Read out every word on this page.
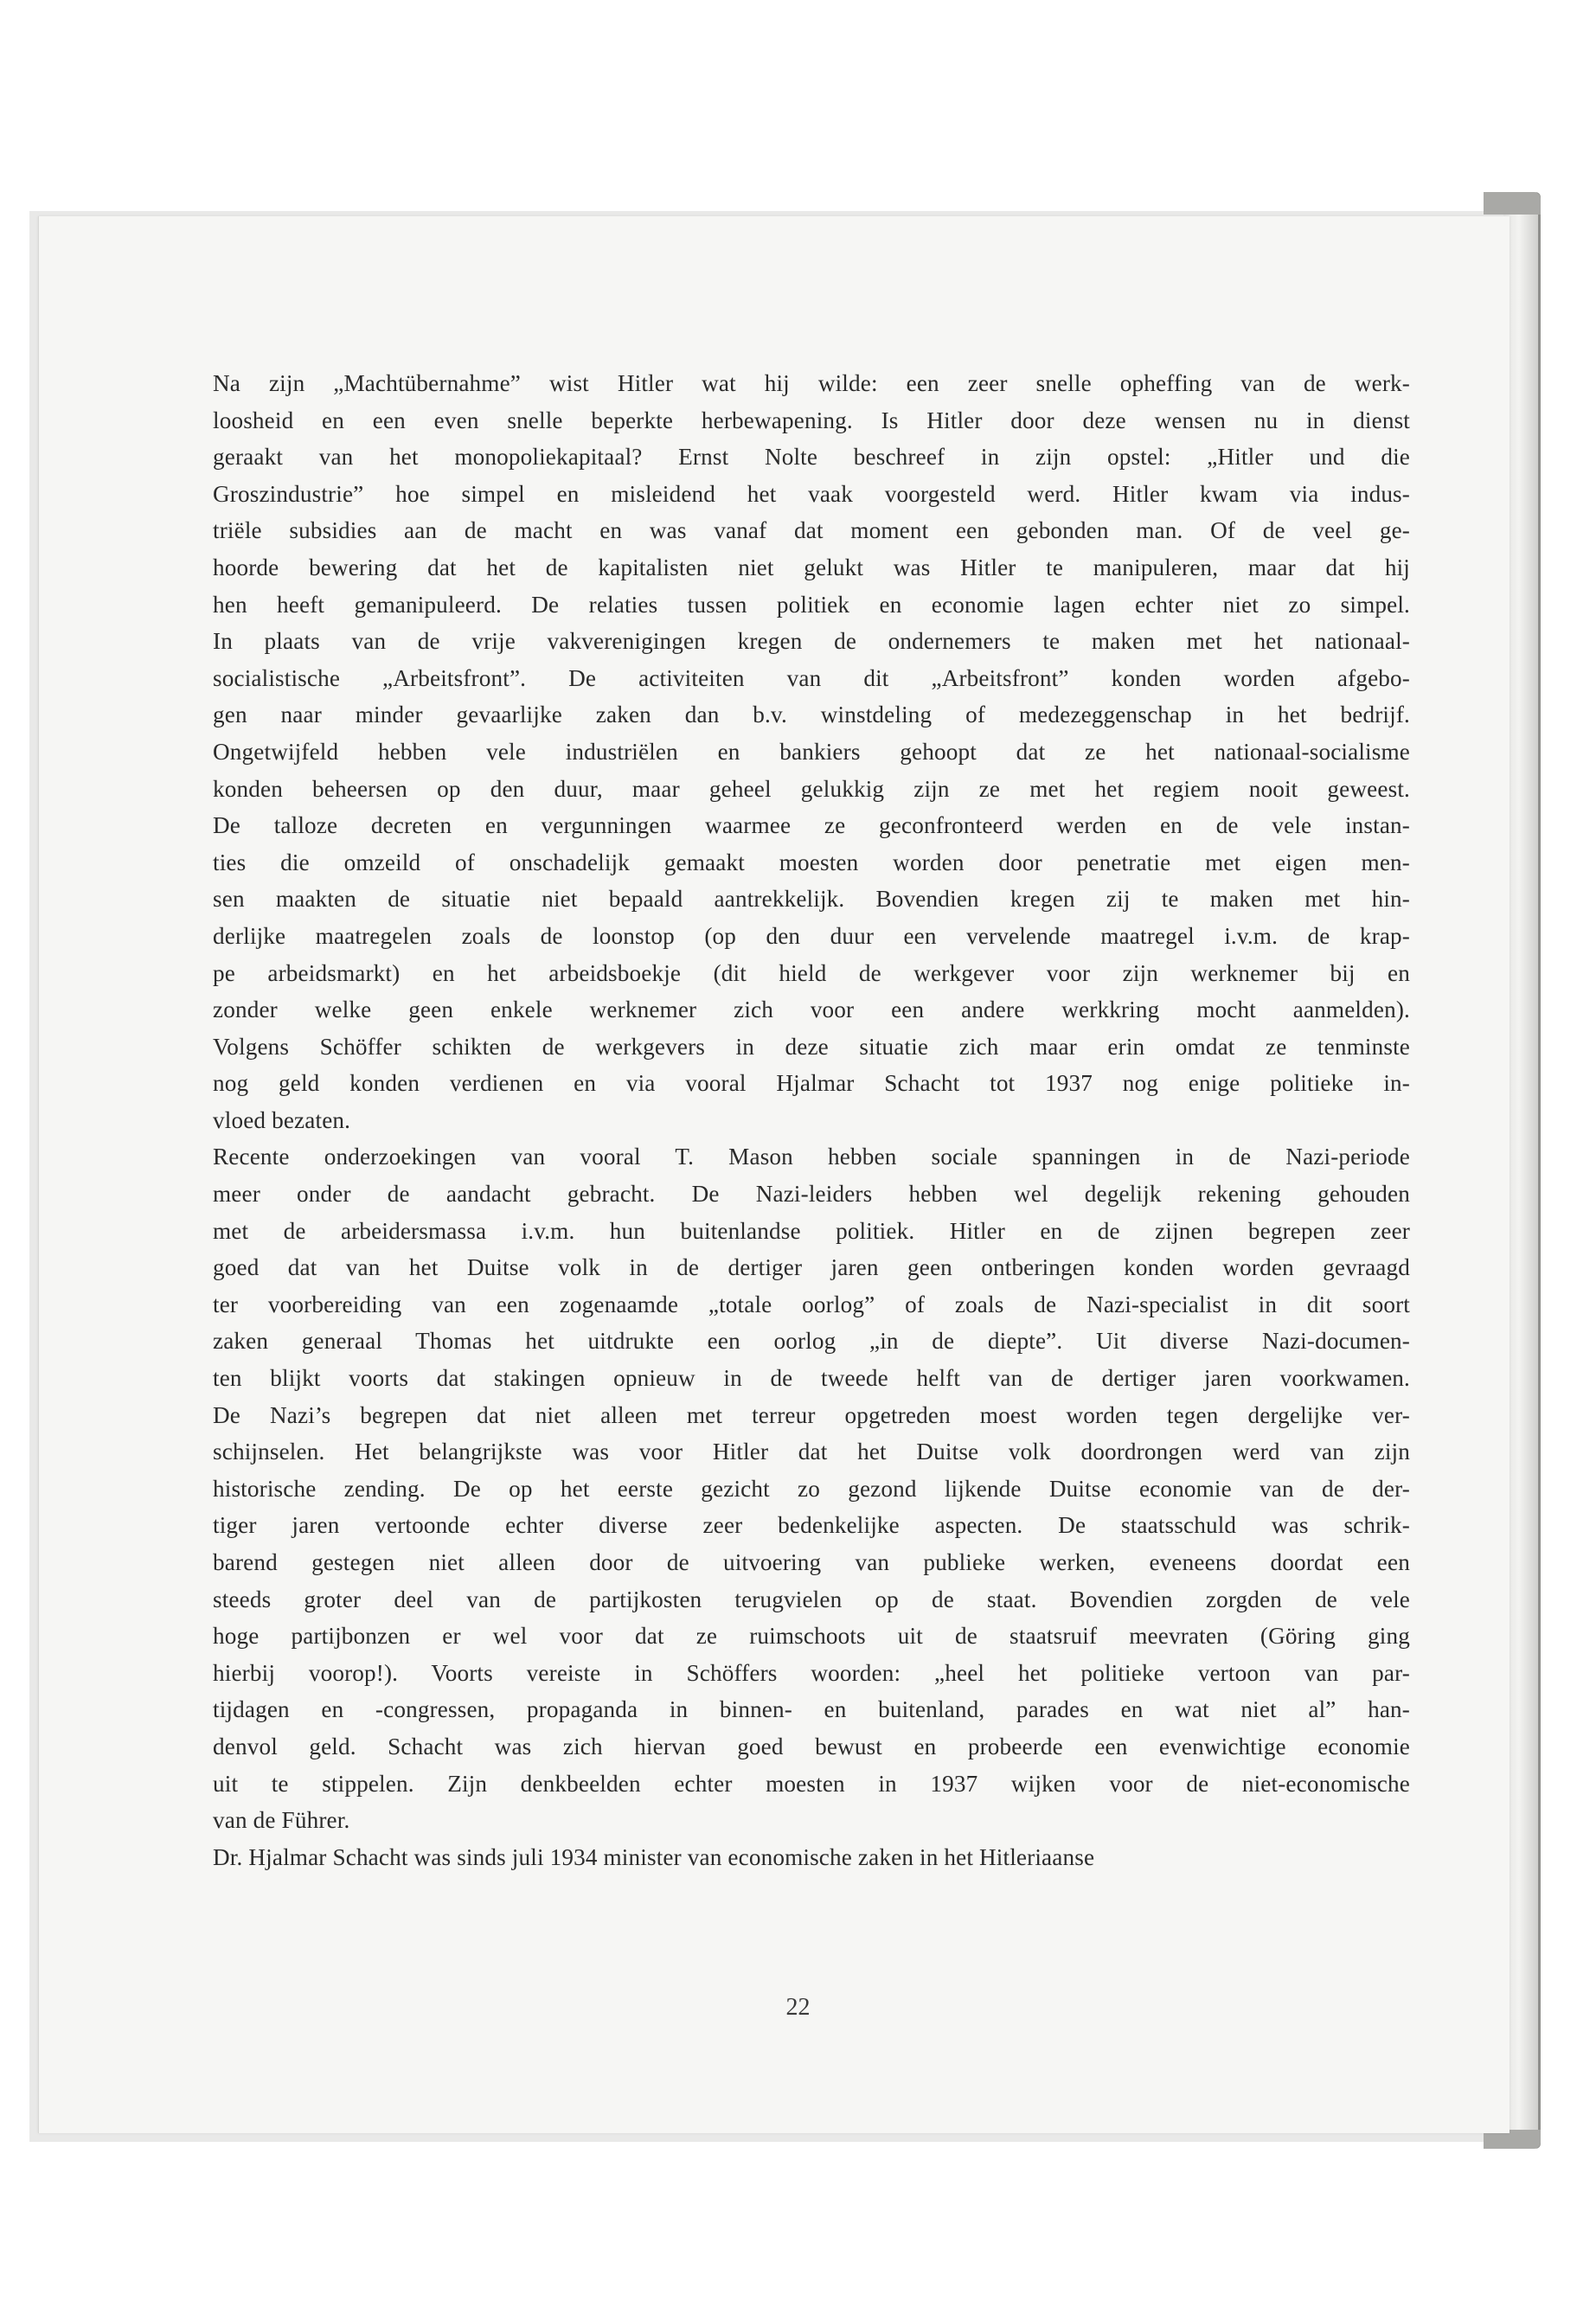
Na zijn „Machtübernahme” wist Hitler wat hij wilde: een zeer snelle opheffing van de werk-
loosheid en een even snelle beperkte herbewapening. Is Hitler door deze wensen nu in dienst
geraakt van het monopoliekapitaal? Ernst Nolte beschreef in zijn opstel: „Hitler und die
Groszindustrie” hoe simpel en misleidend het vaak voorgesteld werd. Hitler kwam via indus-
triële subsidies aan de macht en was vanaf dat moment een gebonden man. Of de veel ge-
hoorde bewering dat het de kapitalisten niet gelukt was Hitler te manipuleren, maar dat hij
hen heeft gemanipuleerd. De relaties tussen politiek en economie lagen echter niet zo simpel.
In plaats van de vrije vakverenigingen kregen de ondernemers te maken met het nationaal-
socialistische „Arbeitsfront”. De activiteiten van dit „Arbeitsfront” konden worden afgebo-
gen naar minder gevaarlijke zaken dan b.v. winstdeling of medezeggenschap in het bedrijf.
Ongetwijfeld hebben vele industriëlen en bankiers gehoopt dat ze het nationaal-socialisme
konden beheersen op den duur, maar geheel gelukkig zijn ze met het regiem nooit geweest.
De talloze decreten en vergunningen waarmee ze geconfronteerd werden en de vele instan-
ties die omzeild of onschadelijk gemaakt moesten worden door penetratie met eigen men-
sen maakten de situatie niet bepaald aantrekkelijk. Bovendien kregen zij te maken met hin-
derlijke maatregelen zoals de loonstop (op den duur een vervelende maatregel i.v.m. de krap-
pe arbeidsmarkt) en het arbeidsboekje (dit hield de werkgever voor zijn werknemer bij en
zonder welke geen enkele werknemer zich voor een andere werkkring mocht aanmelden).
Volgens Schöffer schikten de werkgevers in deze situatie zich maar erin omdat ze tenminste
nog geld konden verdienen en via vooral Hjalmar Schacht tot 1937 nog enige politieke in-
vloed bezaten.

Recente onderzoekingen van vooral T. Mason hebben sociale spanningen in de Nazi-periode
meer onder de aandacht gebracht. De Nazi-leiders hebben wel degelijk rekening gehouden
met de arbeidersmassa i.v.m. hun buitenlandse politiek. Hitler en de zijnen begrepen zeer
goed dat van het Duitse volk in de dertiger jaren geen ontberingen konden worden gevraagd
ter voorbereiding van een zogenaamde „totale oorlog” of zoals de Nazi-specialist in dit soort
zaken generaal Thomas het uitdrukte een oorlog „in de diepte”. Uit diverse Nazi-documen-
ten blijkt voorts dat stakingen opnieuw in de tweede helft van de dertiger jaren voorkwamen.
De Nazi’s begrepen dat niet alleen met terreur opgetreden moest worden tegen dergelijke ver-
schijnselen. Het belangrijkste was voor Hitler dat het Duitse volk doordrongen werd van zijn
historische zending. De op het eerste gezicht zo gezond lijkende Duitse economie van de der-
tiger jaren vertoonde echter diverse zeer bedenkelijke aspecten. De staatsschuld was schrik-
barend gestegen niet alleen door de uitvoering van publieke werken, eveneens doordat een
steeds groter deel van de partijkosten terugvielen op de staat. Bovendien zorgden de vele
hoge partijbonzen er wel voor dat ze ruimschoots uit de staatsruif meevraten (Göring ging
hierbij voorop!). Voorts vereiste in Schöffers woorden: „heel het politieke vertoon van par-
tijdagen en -congressen, propaganda in binnen- en buitenland, parades en wat niet al” han-
denvol geld. Schacht was zich hiervan goed bewust en probeerde een evenwichtige economie
uit te stippelen. Zijn denkbeelden echter moesten in 1937 wijken voor de niet-economische
van de Führer.

Dr. Hjalmar Schacht was sinds juli 1934 minister van economische zaken in het Hitleriaanse

22
